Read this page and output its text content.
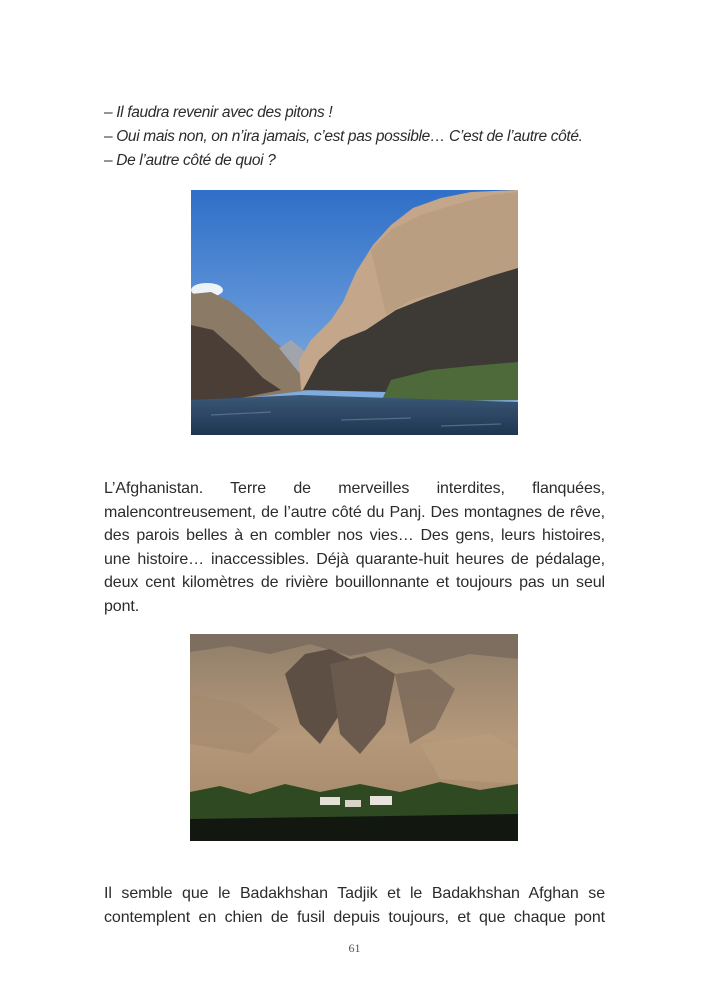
– Il faudra revenir avec des pitons !
– Oui mais non, on n’ira jamais, c’est pas possible… C’est de l’autre côté.
– De l’autre côté de quoi ?

L’Afghanistan. Terre de merveilles interdites, flanquées, malencontreusement, de l’autre côté du Panj. Des montagnes de rêve, des parois belles à en combler nos vies… Des gens, leurs histoires, une histoire… inaccessibles. Déjà quarante-huit heures de pédalage, deux cent kilomètres de rivière bouillonnante et toujours pas un seul pont.

Il semble que le Badakhshan Tadjik et le Badakhshan Afghan se contemplent en chien de fusil depuis toujours, et que chaque pont

61
